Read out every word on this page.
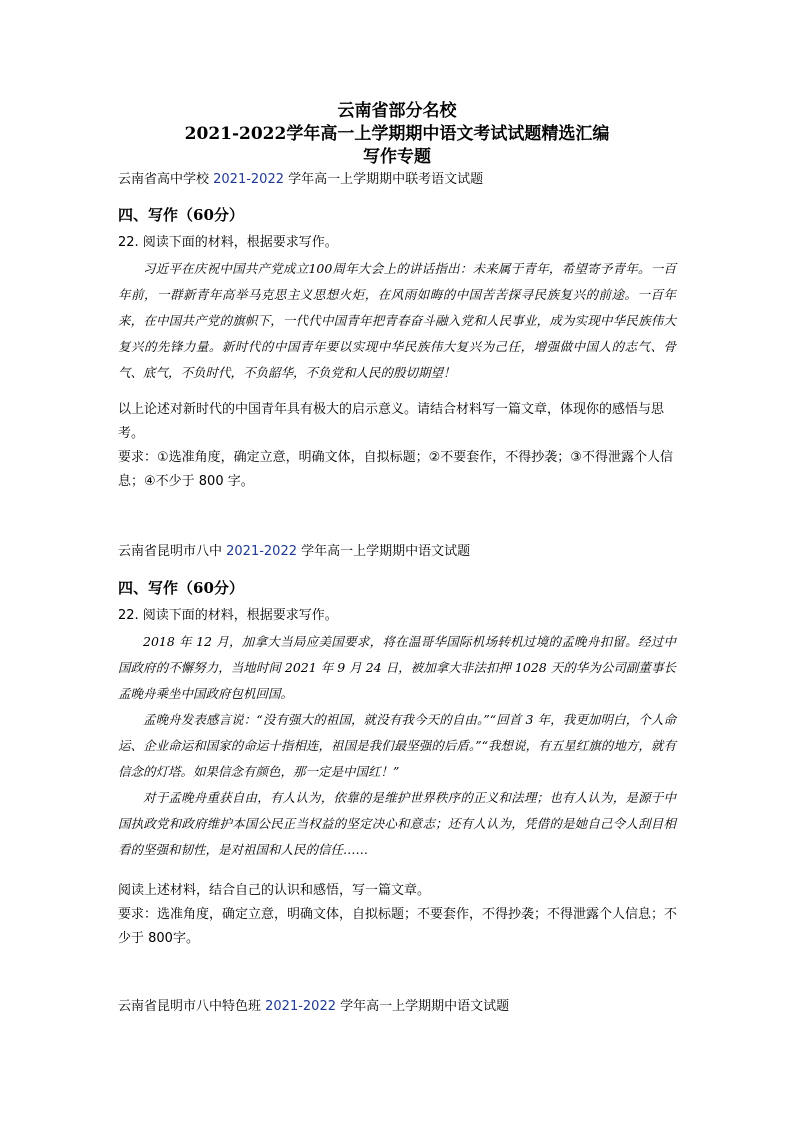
云南省部分名校
2021-2022学年高一上学期期中语文考试试题精选汇编
写作专题
云南省高中学校 2021-2022 学年高一上学期期中联考语文试题
四、写作（60分）
22. 阅读下面的材料，根据要求写作。

习近平在庆祝中国共产党成立100周年大会上的讲话指出：未来属于青年，希望寄予青年。一百年前，一群新青年高举马克思主义思想火炬，在风雨如晦的中国苦苦探寻民族复兴的前途。一百年来，在中国共产党的旗帜下，一代代中国青年把青春奋斗融入党和人民事业，成为实现中华民族伟大复兴的先锋力量。新时代的中国青年要以实现中华民族伟大复兴为己任，增强做中国人的志气、骨气、底气，不负时代，不负韶华，不负党和人民的殷切期望！

以上论述对新时代的中国青年具有极大的启示意义。请结合材料写一篇文章，体现你的感悟与思考。

要求：①选准角度，确定立意，明确文体，自拟标题；②不要套作，不得抄袭；③不得泄露个人信息；④不少于 800 字。

云南省昆明市八中 2021-2022 学年高一上学期期中语文试题
四、写作（60分）
22. 阅读下面的材料，根据要求写作。

2018 年 12 月，加拿大当局应美国要求，将在温哥华国际机场转机过境的孟晚舟扣留。经过中国政府的不懈努力，当地时间 2021 年 9 月 24 日，被加拿大非法扣押 1028 天的华为公司副董事长孟晚舟乘坐中国政府包机回国。

孟晚舟发表感言说：“没有强大的祖国，就没有我今天的自由。”“回首 3 年，我更加明白，个人命运、企业命运和国家的命运十指相连，祖国是我们最坚强的后盾。”“我想说，有五星红旗的地方，就有信念的灯塔。如果信念有颜色，那一定是中国红！”

对于孟晚舟重获自由，有人认为，依靠的是维护世界秩序的正义和法理；也有人认为，是源于中国执政党和政府维护本国公民正当权益的坚定决心和意志；还有人认为，凭借的是她自己令人刮目相看的坚强和韧性，是对祖国和人民的信任……

阅读上述材料，结合自己的认识和感悟，写一篇文章。

要求：选准角度，确定立意，明确文体，自拟标题；不要套作，不得抄袭；不得泄露个人信息；不少于 800字。

云南省昆明市八中特色班 2021-2022 学年高一上学期期中语文试题
